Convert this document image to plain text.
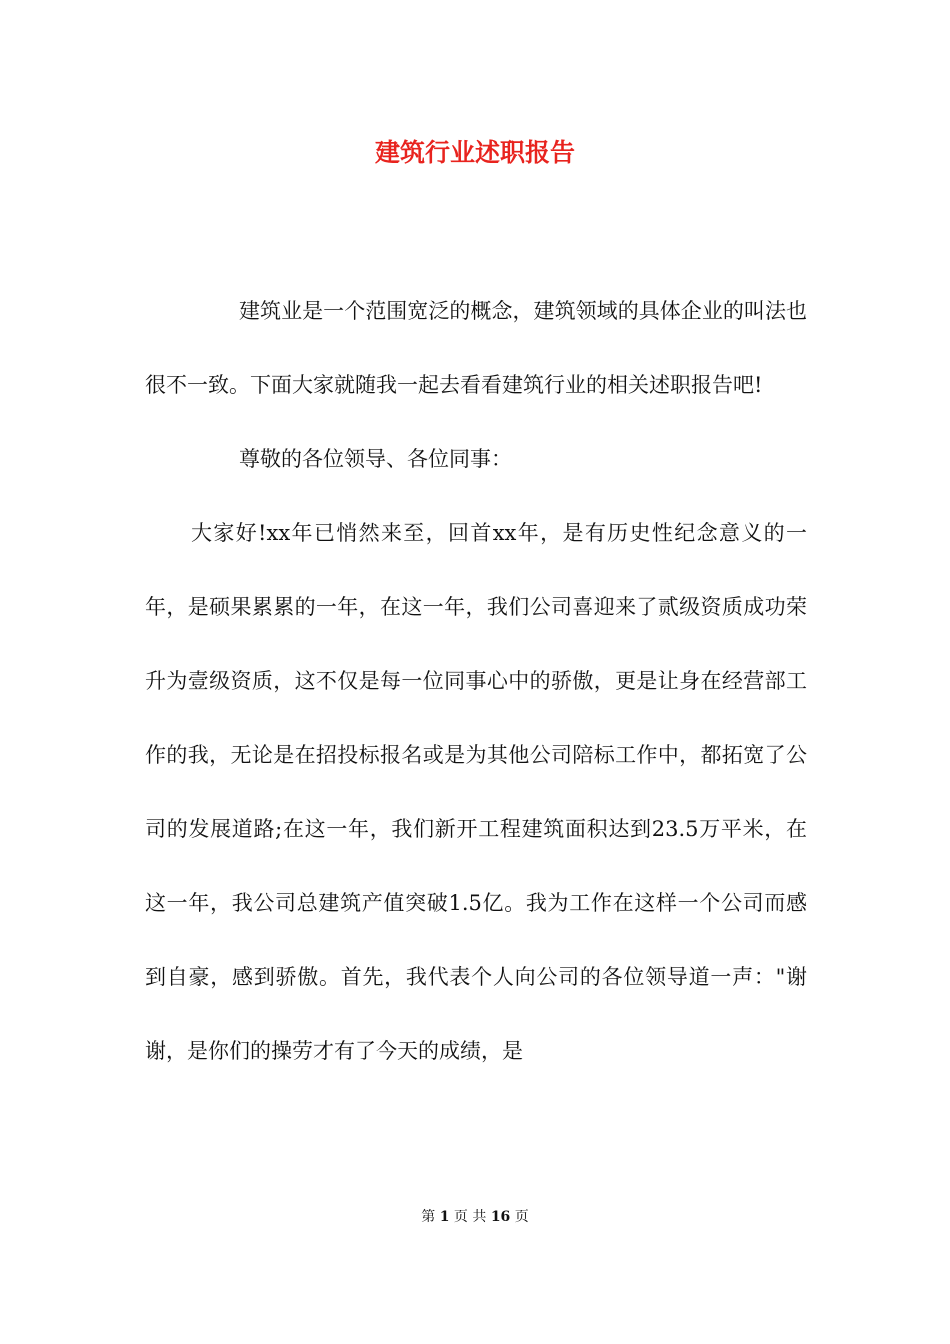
建筑行业述职报告

建筑业是一个范围宽泛的概念，建筑领域的具体企业的叫法也很不一致。下面大家就随我一起去看看建筑行业的相关述职报告吧!

尊敬的各位领导、各位同事：

大家好!xx年已悄然来至，回首xx年，是有历史性纪念意义的一年，是硕果累累的一年，在这一年，我们公司喜迎来了贰级资质成功荣升为壹级资质，这不仅是每一位同事心中的骄傲，更是让身在经营部工作的我，无论是在招投标报名或是为其他公司陪标工作中，都拓宽了公司的发展道路;在这一年，我们新开工程建筑面积达到23.5万平米，在这一年，我公司总建筑产值突破1.5亿。我为工作在这样一个公司而感到自豪，感到骄傲。首先，我代表个人向公司的各位领导道一声："谢谢，是你们的操劳才有了今天的成绩，是

第 1 页 共 16 页
